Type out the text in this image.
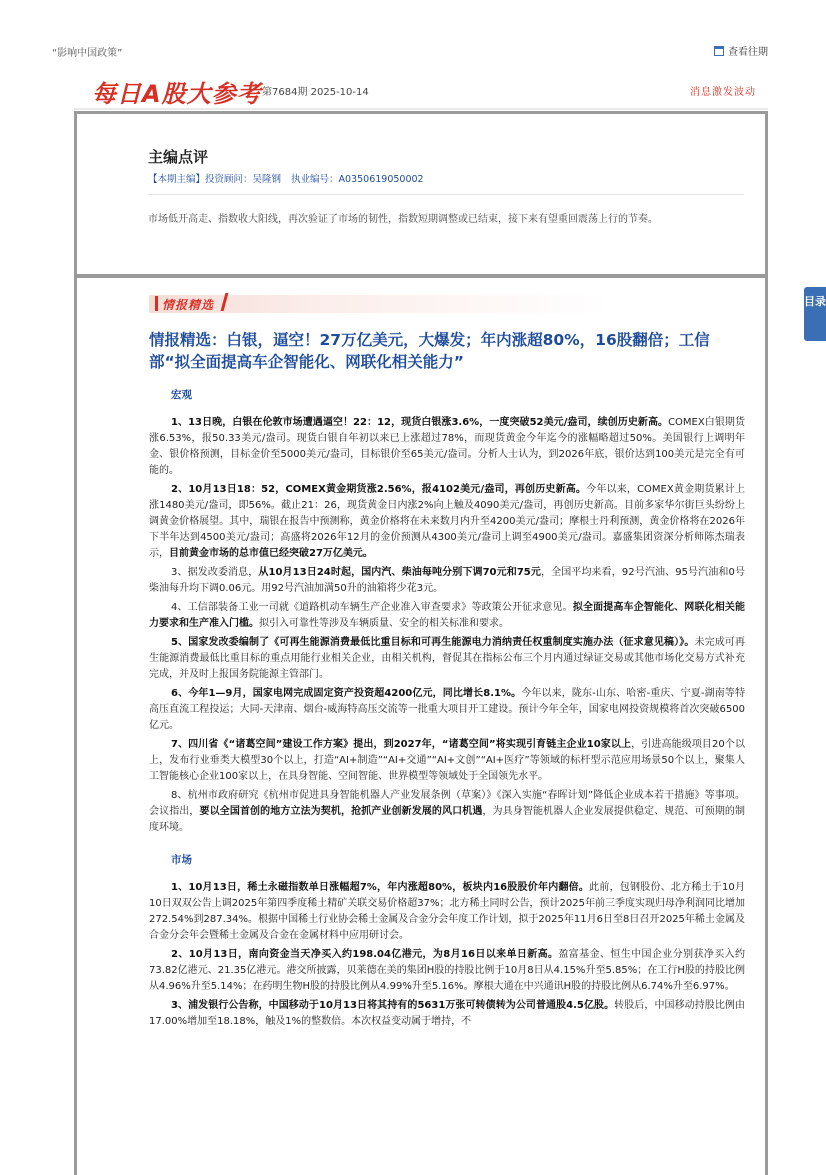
“影响中国政策”	查看往期
每日A股大参考 第7684期 2025-10-14	消息激发波动
主编点评
【本期主编】投资顾问：吴隆钢 执业编号：A0350619050002
市场低开高走、指数收大阳线，再次验证了市场的韧性，指数短期调整或已结束，接下来有望重回震荡上行的节奏。
情报精选
情报精选：白银，逼空！27万亿美元，大爆发；年内涨超80%，16股翻倍；工信部“拟全面提高车企智能化、网联化相关能力”
宏观

1、13日晚，白银在伦敦市场遭遇逼空！22：12，现货白银涨3.6%，一度突破52美元/盎司，续创历史新高。COMEX白银期货涨6.53%，报50.33美元/盎司。现货白银自年初以来已上涨超过78%，而现货黄金今年迄今的涨幅略超过50%。美国银行上调明年金、银价格预测，目标金价至5000美元/盎司，目标银价至65美元/盎司。分析人士认为，到2026年底，银价达到100美元是完全有可能的。

2、10月13日18：52，COMEX黄金期货涨2.56%，报4102美元/盎司，再创历史新高。今年以来，COMEX黄金期货累计上涨1480美元/盎司，即56%。截止21：26，现货黄金日内涨2%向上触及4090美元/盎司，再创历史新高。目前多家华尔街巨头纷纷上调黄金价格展望。其中，瑞银在报告中预测称，黄金价格将在未来数月内升至4200美元/盎司；摩根士丹利预测，黄金价格将在2026年下半年达到4500美元/盎司；高盛将2026年12月的金价预测从4300美元/盎司上调至4900美元/盎司。嘉盛集团资深分析师陈杰瑞表示，目前黄金市场的总市值已经突破27万亿美元。

3、据发改委消息，从10月13日24时起，国内汽、柴油每吨分别下调70元和75元，全国平均来看，92号汽油、95号汽油和0号柴油每升均下调0.06元。用92号汽油加满50升的油箱将少花3元。

4、工信部装备工业一司就《道路机动车辆生产企业准入审查要求》等政策公开征求意见。拟全面提高车企智能化、网联化相关能力要求和生产准入门槛。拟引入可靠性等涉及车辆质量、安全的相关标准和要求。

5、国家发改委编制了《可再生能源消费最低比重目标和可再生能源电力消纳责任权重制度实施办法（征求意见稿）》。未完成可再生能源消费最低比重目标的重点用能行业相关企业，由相关机构，督促其在指标公布三个月内通过绿证交易或其他市场化交易方式补充完成，并及时上报国务院能源主管部门。

6、今年1—9月，国家电网完成固定资产投资超4200亿元，同比增长8.1%。今年以来，陇东-山东、哈密-重庆、宁夏-湖南等特高压直流工程投运；大同-天津南、烟台-威海特高压交流等一批重大项目开工建设。预计今年全年，国家电网投资规模将首次突破6500亿元。

7、四川省《“诸葛空间”建设工作方案》提出，到2027年，“诸葛空间”将实现引育链主企业10家以上，引进高能级项目20个以上，发布行业垂类大模型30个以上，打造“AI+制造”“AI+交通”“AI+文创”“AI+医疗”等领域的标杆型示范应用场景50个以上，聚集人工智能核心企业100家以上，在具身智能、空间智能、世界模型等领域处于全国领先水平。

8、杭州市政府研究《杭州市促进具身智能机器人产业发展条例（草案）》《深入实施“春晖计划”降低企业成本若干措施》等事项。会议指出，要以全国首创的地方立法为契机，抢抓产业创新发展的风口机遇，为具身智能机器人企业发展提供稳定、规范、可预期的制度环境。

市场

1、10月13日，稀土永磁指数单日涨幅超7%，年内涨超80%，板块内16股股价年内翻倍。此前，包钢股份、北方稀土于10月10日双双公告上调2025年第四季度稀土精矿关联交易价格超37%；北方稀土同时公告，预计2025年前三季度实现归母净利润同比增加272.54%到287.34%。根据中国稀土行业协会稀土金属及合金分会年度工作计划，拟于2025年11月6日至8日召开2025年稀土金属及合金分会年会暨稀土金属及合金在金属材料中应用研讨会。

2、10月13日，南向资金当天净买入约198.04亿港元，为8月16日以来单日新高。盈富基金、恒生中国企业分别获净买入约73.82亿港元、21.35亿港元。港交所披露，贝莱德在美的集团H股的持股比例于10月8日从4.15%升至5.85%；在工行H股的持股比例从4.96%升至5.14%；在药明生物H股的持股比例从4.99%升至5.16%。摩根大通在中兴通讯H股的持股比例从6.74%升至6.97%。

3、浦发银行公告称，中国移动于10月13日将其持有的5631万张可转债转为公司普通股4.5亿股。转股后，中国移动持股比例由17.00%增加至18.18%，触及1%的整数倍。本次权益变动属于增持，不

目录
